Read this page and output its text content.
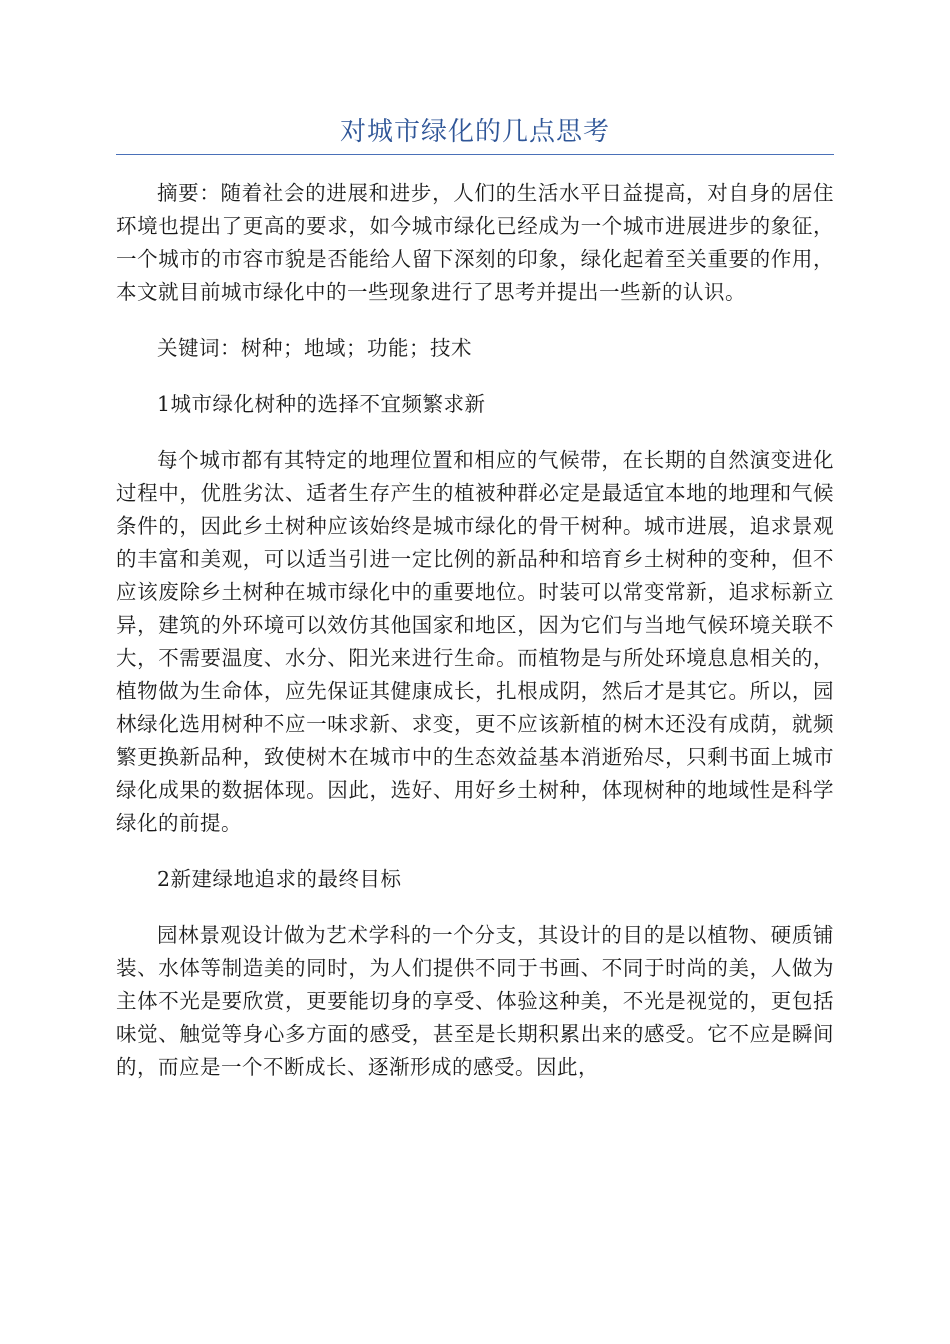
对城市绿化的几点思考

摘要：随着社会的进展和进步，人们的生活水平日益提高，对自身的居住环境也提出了更高的要求，如今城市绿化已经成为一个城市进展进步的象征，一个城市的市容市貌是否能给人留下深刻的印象，绿化起着至关重要的作用，本文就目前城市绿化中的一些现象进行了思考并提出一些新的认识。

关键词：树种；地域；功能；技术

1城市绿化树种的选择不宜频繁求新

每个城市都有其特定的地理位置和相应的气候带，在长期的自然演变进化过程中，优胜劣汰、适者生存产生的植被种群必定是最适宜本地的地理和气候条件的，因此乡土树种应该始终是城市绿化的骨干树种。城市进展，追求景观的丰富和美观，可以适当引进一定比例的新品种和培育乡土树种的变种，但不应该废除乡土树种在城市绿化中的重要地位。时装可以常变常新，追求标新立异，建筑的外环境可以效仿其他国家和地区，因为它们与当地气候环境关联不大，不需要温度、水分、阳光来进行生命。而植物是与所处环境息息相关的，植物做为生命体，应先保证其健康成长，扎根成阴，然后才是其它。所以，园林绿化选用树种不应一味求新、求变，更不应该新植的树木还没有成荫，就频繁更换新品种，致使树木在城市中的生态效益基本消逝殆尽，只剩书面上城市绿化成果的数据体现。因此，选好、用好乡土树种，体现树种的地域性是科学绿化的前提。

2新建绿地追求的最终目标

园林景观设计做为艺术学科的一个分支，其设计的目的是以植物、硬质铺装、水体等制造美的同时，为人们提供不同于书画、不同于时尚的美，人做为主体不光是要欣赏，更要能切身的享受、体验这种美，不光是视觉的，更包括味觉、触觉等身心多方面的感受，甚至是长期积累出来的感受。它不应是瞬间的，而应是一个不断成长、逐渐形成的感受。因此，
